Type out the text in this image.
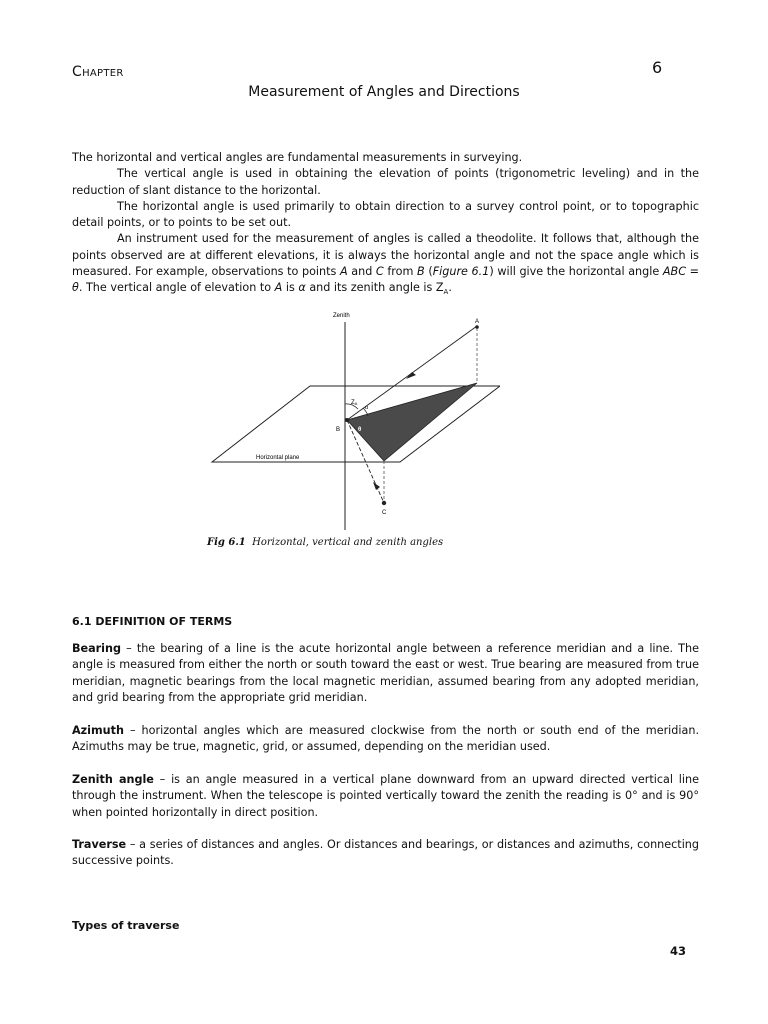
Chapter	6
Measurement of Angles and Directions

The horizontal and vertical angles are fundamental measurements in surveying.

The vertical angle is used in obtaining the elevation of points (trigonometric leveling) and in the reduction of slant distance to the horizontal.

The horizontal angle is used primarily to obtain direction to a survey control point, or to topographic detail points, or to points to be set out.

An instrument used for the measurement of angles is called a theodolite. It follows that, although the points observed are at different elevations, it is always the horizontal angle and not the space angle which is measured. For example, observations to points A and C from B (Figure 6.1) will give the horizontal angle ABC = θ. The vertical angle of elevation to A is α and its zenith angle is $Z_A$.

Zenith
A
ZA
α
B	θ
Horizontal plane
C
Fig 6.1 Horizontal, vertical and zenith angles
6.1 DEFINITI0N OF TERMS

Bearing – the bearing of a line is the acute horizontal angle between a reference meridian and a line. The angle is measured from either the north or south toward the east or west. True bearing are measured from true meridian, magnetic bearings from the local magnetic meridian, assumed bearing from any adopted meridian, and grid bearing from the appropriate grid meridian.

Azimuth – horizontal angles which are measured clockwise from the north or south end of the meridian. Azimuths may be true, magnetic, grid, or assumed, depending on the meridian used.

Zenith angle – is an angle measured in a vertical plane downward from an upward directed vertical line through the instrument. When the telescope is pointed vertically toward the zenith the reading is 0° and is 90° when pointed horizontally in direct position.

Traverse – a series of distances and angles. Or distances and bearings, or distances and azimuths, connecting successive points.

Types of traverse
43
